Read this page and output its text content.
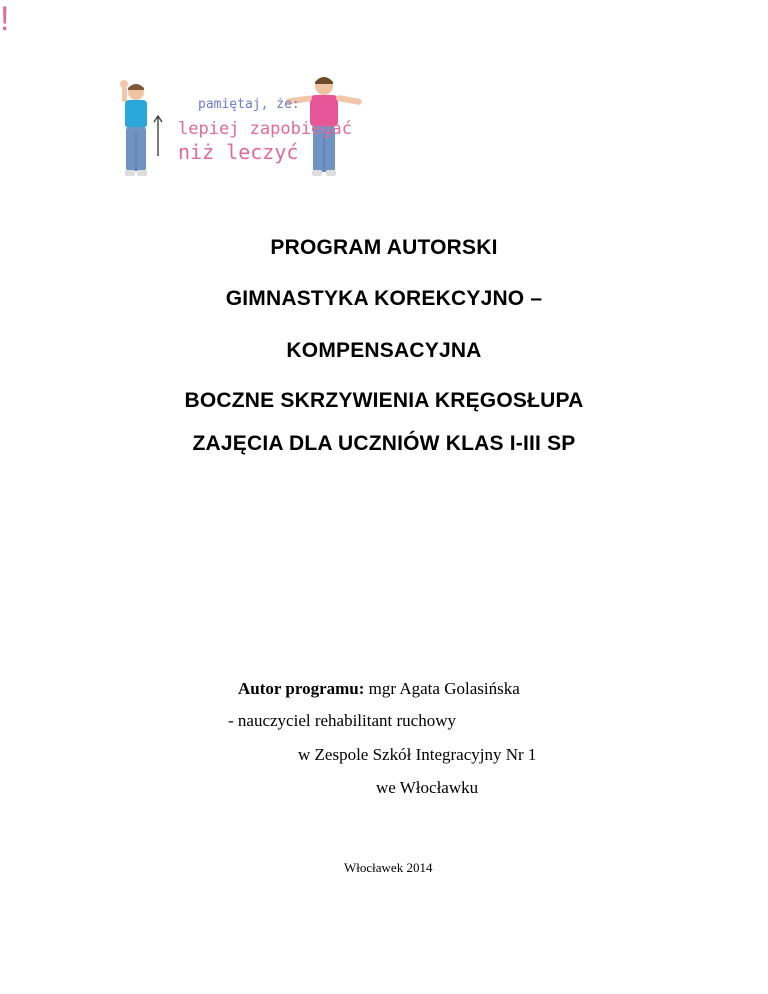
pamiętaj, że:
lepiej zapobiegać
niż leczyć
!
PROGRAM AUTORSKI
GIMNASTYKA KOREKCYJNO –
KOMPENSACYJNA
BOCZNE SKRZYWIENIA KRĘGOSŁUPA
ZAJĘCIA DLA UCZNIÓW KLAS I-III SP
Autor programu: mgr Agata Golasińska
- nauczyciel rehabilitant ruchowy
w Zespole Szkół Integracyjny Nr 1
we Włocławku
Włocławek 2014
